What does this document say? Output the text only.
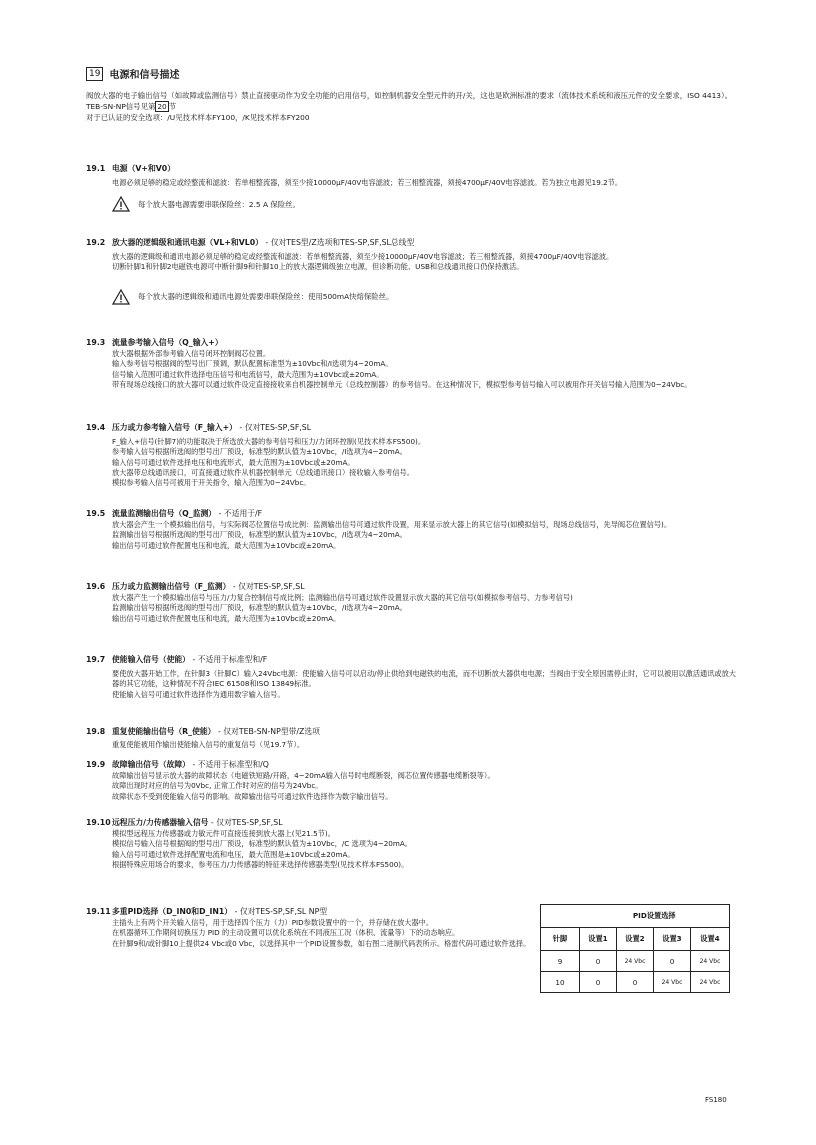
19 电源和信号描述
阀放大器的电子输出信号（如故障或监测信号）禁止直接驱动作为安全功能的启用信号，如控制机器安全型元件的开/关，这也是欧洲标准的要求（流体技术系统和液压元件的安全要求，ISO 4413）。
TEB-SN-NP信号见第 20 节
对于已认证的安全选项：/U见技术样本FY100，/K见技术样本FY200
19.1 电源（V+和V0）

电源必须足够的稳定或经整流和滤波：若单相整流器，须至少接10000μF/40V电容滤波；若三相整流器，须接4700μF/40V电容滤波。若为独立电源见19.2节。

每个放大器电源需要串联保险丝：2.5 A 保险丝。
19.2 放大器的逻辑级和通讯电源（VL+和VL0） - 仅对TES型/Z选项和TES-SP,SF,SL总线型

放大器的逻辑级和通讯电源必须足够的稳定或经整流和滤波：若单相整流器，须至少接10000μF/40V电容滤波；若三相整流器，须接4700μF/40V电容滤波。

切断针脚1和针脚2电磁铁电源可中断针脚9和针脚10上的放大器逻辑级独立电源，但诊断功能、USB和总线通讯接口仍保持激活。

每个放大器的逻辑级和通讯电源处需要串联保险丝：使用500mA快熔保险丝。
19.3 流量参考输入信号（Q_输入+）

放大器根据外部参考输入信号闭环控制阀芯位置。

输入参考信号根据阀的型号出厂预调，默认配置标准型为±10Vbc和/I选项为4~20mA。

信号输入范围可通过软件选择电压信号和电流信号，最大范围为±10Vbc或±20mA。

带有现场总线接口的放大器可以通过软件设定直接接收来自机器控制单元（总线控制器）的参考信号。在这种情况下，模拟型参考信号输入可以被用作开关信号输入范围为0~24Vbc。

19.4 压力或力参考输入信号（F_输入+） - 仅对TES-SP,SF,SL

F_输入+信号(针脚7)的功能取决于所选放大器的参考信号和压力/力闭环控制(见技术样本FS500)。

参考输入信号根据所选阀的型号出厂预设，标准型的默认值为±10Vbc，/I选项为4~20mA。

输入信号可通过软件选择电压和电流形式，最大范围为±10Vbc或±20mA。

放大器带总线通讯接口，可直接通过软件从机器控制单元（总线通讯接口）接收输入参考信号。

模拟参考输入信号可被用于开关指令，输入范围为0~24Vbc。

19.5 流量监测输出信号（Q_监测） - 不适用于/F

放大器会产生一个模拟输出信号，与实际阀芯位置信号成比例：监测输出信号可通过软件设置，用来显示放大器上的其它信号(如模拟信号，现场总线信号，先导阀芯位置信号)。

监测输出信号根据所选阀的型号出厂预设，标准型的默认值为±10Vbc，/I选项为4~20mA。

输出信号可通过软件配置电压和电流，最大范围为±10Vbc或±20mA。

19.6 压力或力监测输出信号（F_监测） - 仅对TES-SP,SF,SL

放大器产生一个模拟输出信号与压力/力复合控制信号成比例；监测输出信号可通过软件设置显示放大器的其它信号(如模拟参考信号、力参考信号)

监测输出信号根据所选阀的型号出厂预设，标准型的默认值为±10Vbc，/I选项为4~20mA。

输出信号可通过软件配置电压和电流，最大范围为±10Vbc或±20mA。

19.7 使能输入信号（使能） - 不适用于标准型和/F

要使放大器开始工作，在针脚3（针脚C）输入24Vbc电源：使能输入信号可以启动/停止供给到电磁铁的电流，而不切断放大器供电电源；当阀由于安全原因需停止时，它可以被用以激活通讯或放大器的其它功能，这种情况不符合IEC 61508和ISO 13849标准。

使能输入信号可通过软件选择作为通用数字输入信号。

19.8 重复使能输出信号（R_使能） - 仅对TEB-SN-NP型带/Z选项

重复使能被用作输出使能输入信号的重复信号（见19.7节）。

19.9 故障输出信号（故障） - 不适用于标准型和/Q

故障输出信号显示放大器的故障状态（电磁铁短路/开路，4~20mA输入信号时电缆断裂，阀芯位置传感器电缆断裂等）。

故障出现时对应的信号为0Vbc, 正常工作时对应的信号为24Vbc。

故障状态不受到使能输入信号的影响。故障输出信号可通过软件选择作为数字输出信号。

19.10远程压力/力传感器输入信号 - 仅对TES-SP,SF,SL

模拟型远程压力传感器或力敏元件可直接连接到放大器上(见21.5节)。

模拟信号输入信号根据阀的型号出厂预设，标准型的默认值为±10Vbc，/C 选项为4~20mA。

输入信号可通过软件选择配置电流和电压，最大范围是±10Vbc或±20mA。

根据特殊应用场合的要求，参考压力/力传感器的特征来选择传感器类型(见技术样本FS500)。

19.11多重PID选择（D_IN0和D_IN1） - 仅对TES-SP,SF,SL NP型

主插头上有两个开关输入信号，用于选择四个压力（力）PID参数设置中的一个，并存储在放大器中。

在机器循环工作期间切换压力 PID 的主动设置可以优化系统在不同液压工况（体积、流量等）下的动态响应。

在针脚9和/或针脚10上提供24 Vbc或0 Vbc，以选择其中一个PID设置参数，如右图二进制代码表所示。格雷代码可通过软件选择。

	PID设置选择			
针脚	设置1	设置2	设置3	设置4
9	0	24 Vbc	0	24 Vbc
10	0	0	24 Vbc	24 Vbc
FS180
